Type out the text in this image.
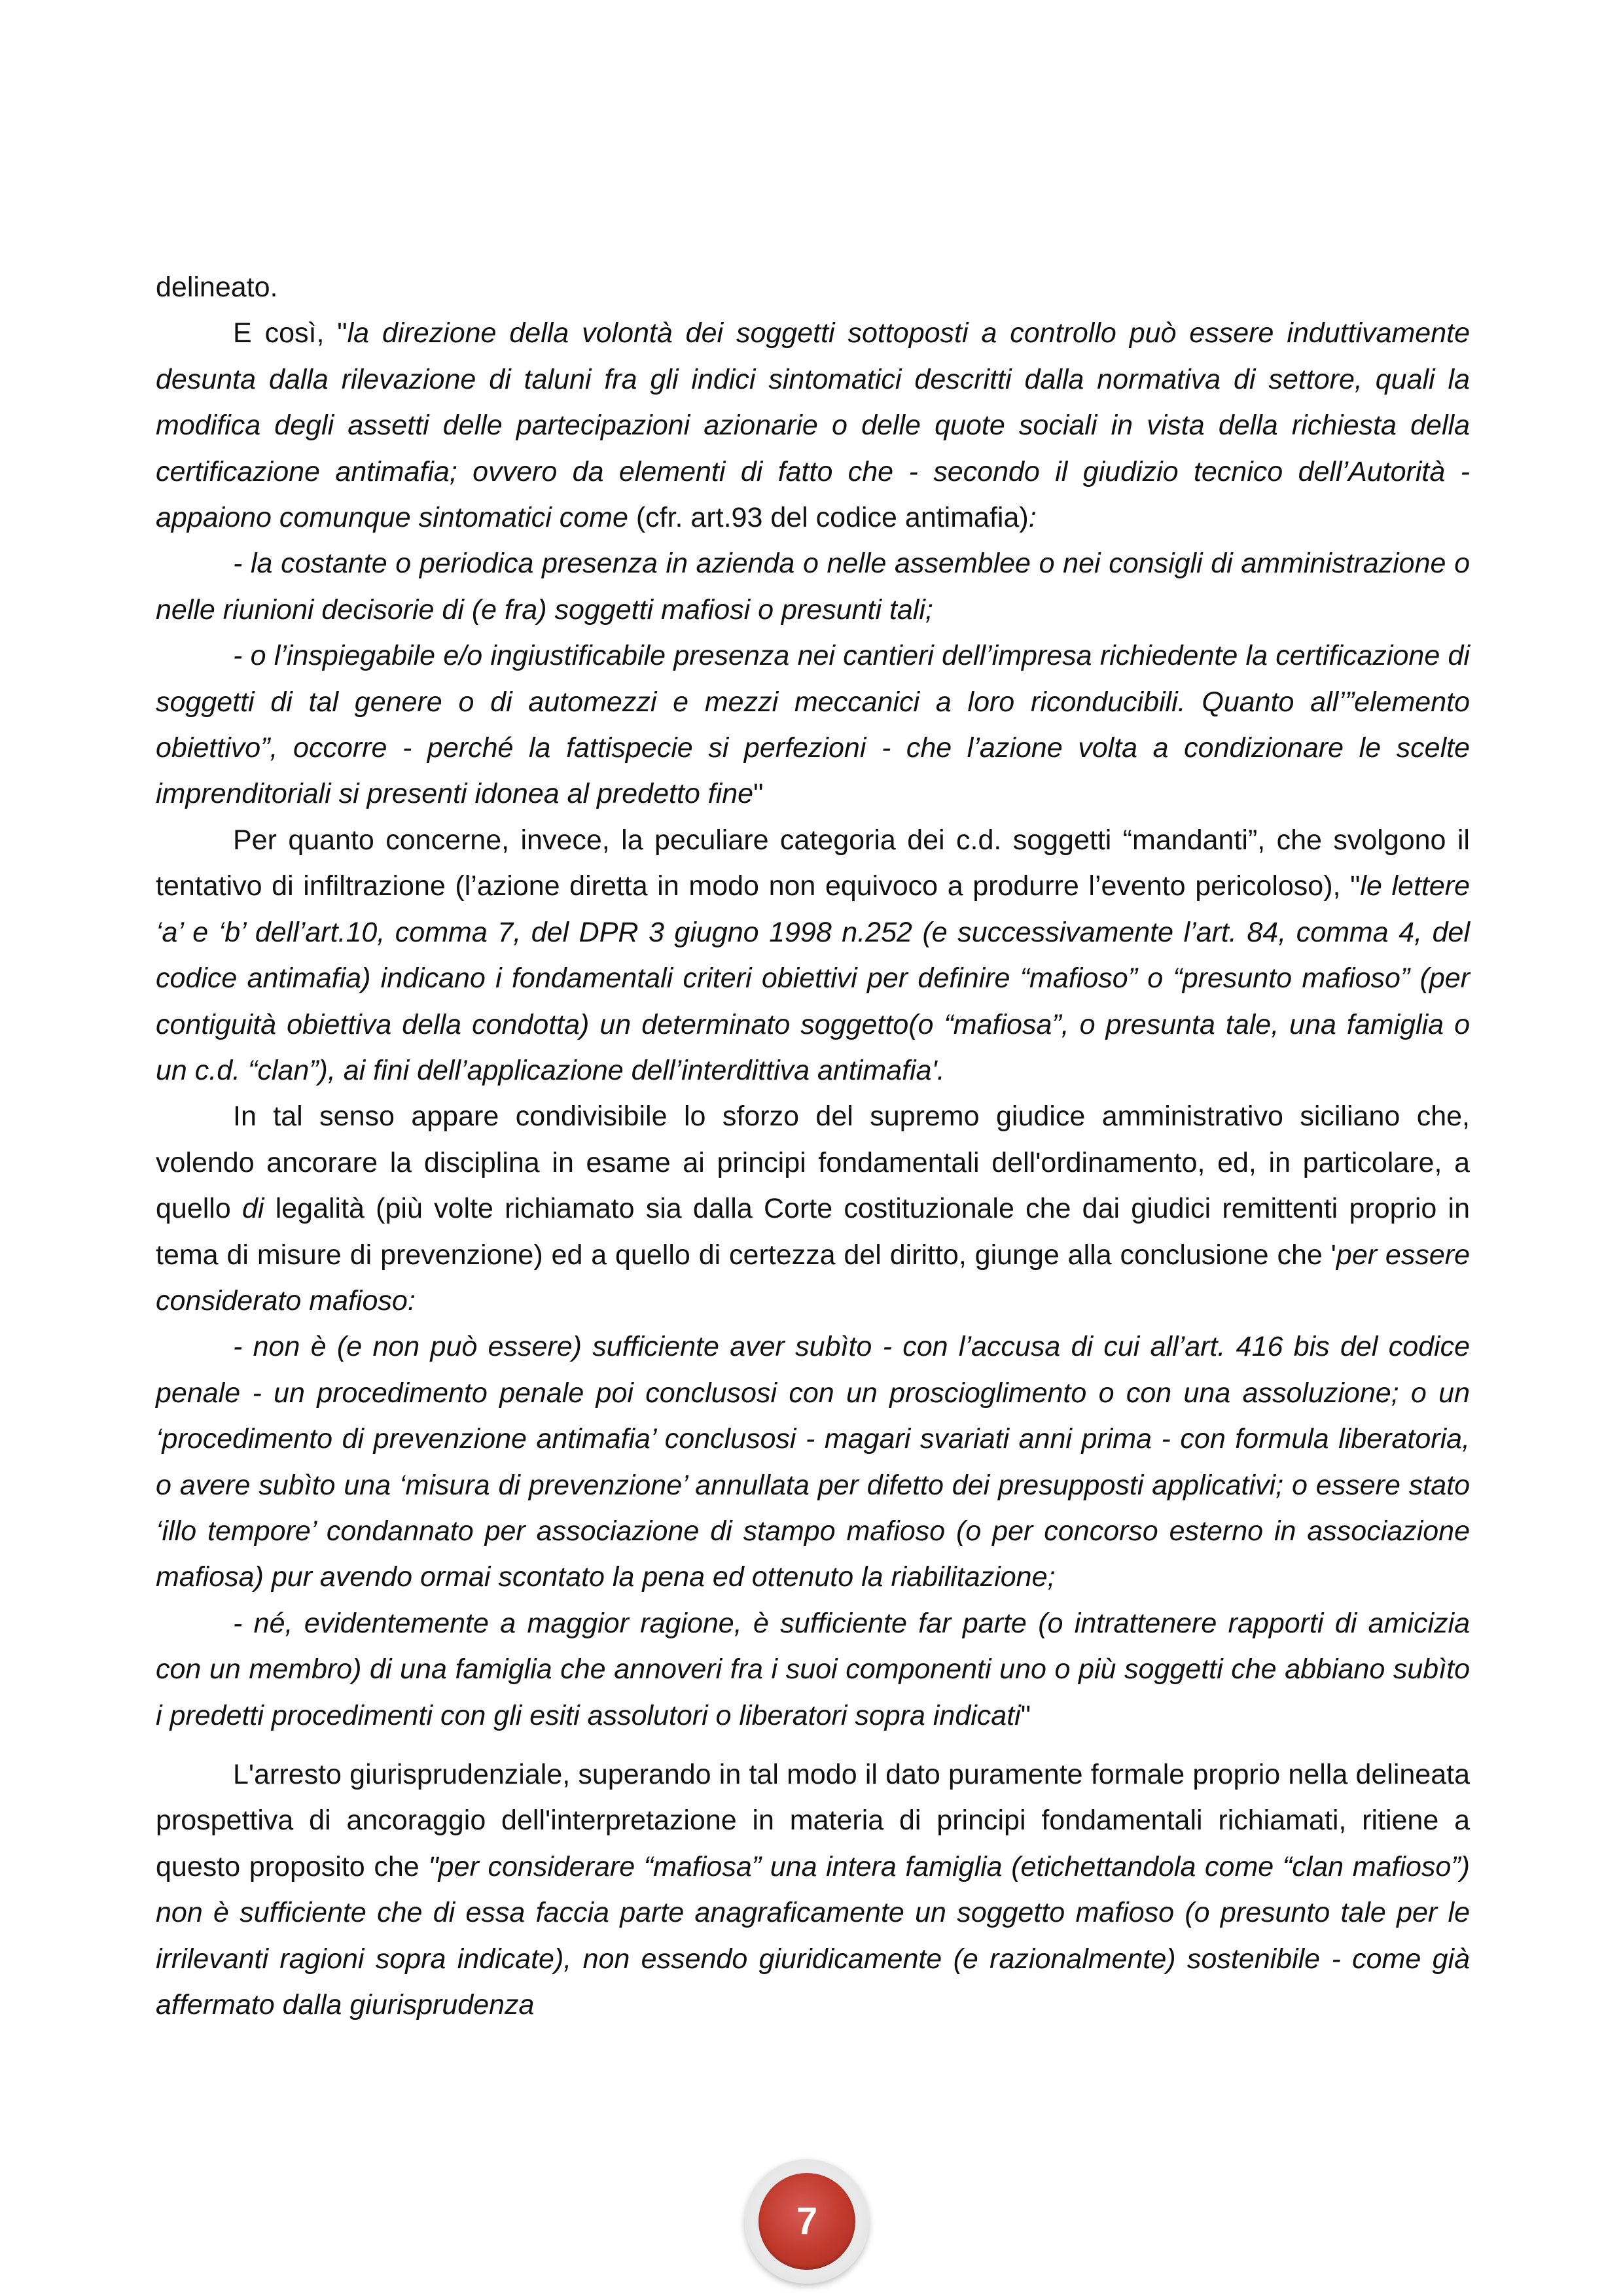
delineato.

E così, "la direzione della volontà dei soggetti sottoposti a controllo può essere induttivamente desunta dalla rilevazione di taluni fra gli indici sintomatici descritti dalla normativa di settore, quali la modifica degli assetti delle partecipazioni azionarie o delle quote sociali in vista della richiesta della certificazione antimafia; ovvero da elementi di fatto che - secondo il giudizio tecnico dell’Autorità - appaiono comunque sintomatici come (cfr. art.93 del codice antimafia):

- la costante o periodica presenza in azienda o nelle assemblee o nei consigli di amministrazione o nelle riunioni decisorie di (e fra) soggetti mafiosi o presunti tali;

- o l’inspiegabile e/o ingiustificabile presenza nei cantieri dell’impresa richiedente la certificazione di soggetti di tal genere o di automezzi e mezzi meccanici a loro riconducibili. Quanto all’”elemento obiettivo”, occorre - perché la fattispecie si perfezioni - che l’azione volta a condizionare le scelte imprenditoriali si presenti idonea al predetto fine"

Per quanto concerne, invece, la peculiare categoria dei c.d. soggetti “mandanti”, che svolgono il tentativo di infiltrazione (l’azione diretta in modo non equivoco a produrre l’evento pericoloso), "le lettere ‘a’ e ‘b’ dell’art.10, comma 7, del DPR 3 giugno 1998 n.252 (e successivamente l’art. 84, comma 4, del codice antimafia) indicano i fondamentali criteri obiettivi per definire “mafioso” o “presunto mafioso” (per contiguità obiettiva della condotta) un determinato soggetto(o “mafiosa”, o presunta tale, una famiglia o un c.d. “clan”), ai fini dell’applicazione dell’interdittiva antimafia'.

In tal senso appare condivisibile lo sforzo del supremo giudice amministrativo siciliano che, volendo ancorare la disciplina in esame ai principi fondamentali dell'ordinamento, ed, in particolare, a quello di legalità (più volte richiamato sia dalla Corte costituzionale che dai giudici remittenti proprio in tema di misure di prevenzione) ed a quello di certezza del diritto, giunge alla conclusione che 'per essere considerato mafioso:

- non è (e non può essere) sufficiente aver subìto - con l’accusa di cui all’art. 416 bis del codice penale - un procedimento penale poi conclusosi con un proscioglimento o con una assoluzione; o un ‘procedimento di prevenzione antimafia’ conclusosi - magari svariati anni prima - con formula liberatoria, o avere subìto una ‘misura di prevenzione’ annullata per difetto dei presupposti applicativi; o essere stato ‘illo tempore’ condannato per associazione di stampo mafioso (o per concorso esterno in associazione mafiosa) pur avendo ormai scontato la pena ed ottenuto la riabilitazione;

- né, evidentemente a maggior ragione, è sufficiente far parte (o intrattenere rapporti di amicizia con un membro) di una famiglia che annoveri fra i suoi componenti uno o più soggetti che abbiano subìto i predetti procedimenti con gli esiti assolutori o liberatori sopra indicati"

L'arresto giurisprudenziale, superando in tal modo il dato puramente formale proprio nella delineata prospettiva di ancoraggio dell'interpretazione in materia di principi fondamentali richiamati, ritiene a questo proposito che "per considerare “mafiosa” una intera famiglia (etichettandola come “clan mafioso”) non è sufficiente che di essa faccia parte anagraficamente un soggetto mafioso (o presunto tale per le irrilevanti ragioni sopra indicate), non essendo giuridicamente (e razionalmente) sostenibile - come già affermato dalla giurisprudenza

7
